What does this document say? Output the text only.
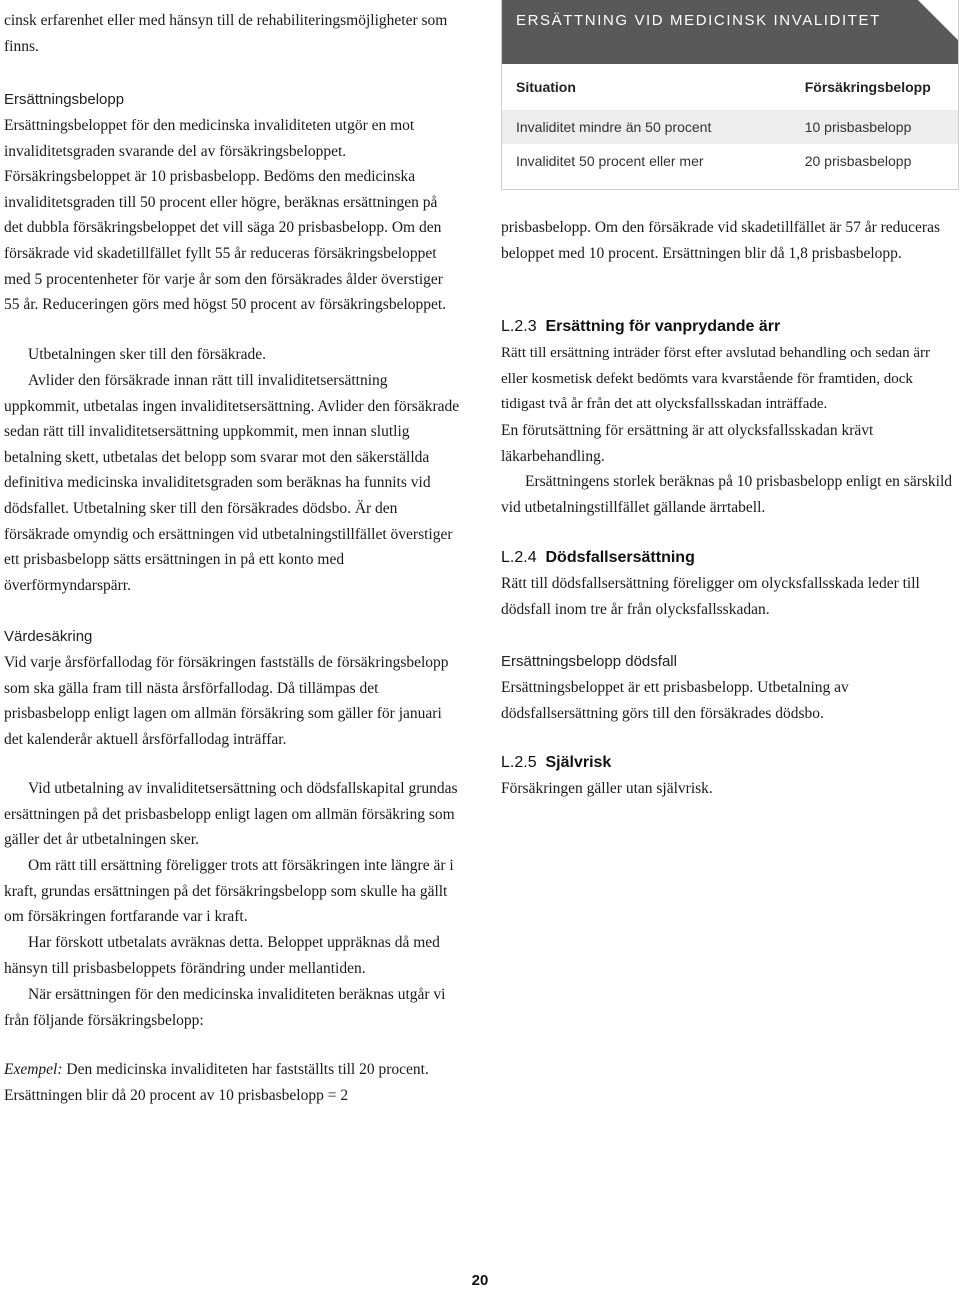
cinsk erfarenhet eller med hänsyn till de rehabiliteringsmöjligheter som finns.

Ersättningsbelopp

Ersättningsbeloppet för den medicinska invaliditeten utgör en mot invaliditetsgraden svarande del av försäkringsbeloppet. Försäkringsbeloppet är 10 prisbasbelopp. Bedöms den medicinska invaliditetsgraden till 50 procent eller högre, beräknas ersättningen på det dubbla försäkringsbeloppet det vill säga 20 prisbasbelopp. Om den försäkrade vid skadetillfället fyllt 55 år reduceras försäkringsbeloppet med 5 procentenheter för varje år som den försäkrades ålder överstiger 55 år. Reduceringen görs med högst 50 procent av försäkringsbeloppet.

Utbetalningen sker till den försäkrade.

Avlider den försäkrade innan rätt till invaliditetsersättning uppkommit, utbetalas ingen invaliditetsersättning. Avlider den försäkrade sedan rätt till invaliditetsersättning uppkommit, men innan slutlig betalning skett, utbetalas det belopp som svarar mot den säkerställda definitiva medicinska invaliditetsgraden som beräknas ha funnits vid dödsfallet. Utbetalning sker till den försäkrades dödsbo. Är den försäkrade omyndig och ersättningen vid utbetalningstillfället överstiger ett prisbasbelopp sätts ersättningen in på ett konto med överförmyndarspärr.

Värdesäkring

Vid varje årsförfallodag för försäkringen fastställs de försäkringsbelopp som ska gälla fram till nästa årsförfallodag. Då tillämpas det prisbasbelopp enligt lagen om allmän försäkring som gäller för januari det kalenderår aktuell årsförfallodag inträffar.

Vid utbetalning av invaliditetsersättning och dödsfallskapital grundas ersättningen på det prisbasbelopp enligt lagen om allmän försäkring som gäller det år utbetalningen sker.

Om rätt till ersättning föreligger trots att försäkringen inte längre är i kraft, grundas ersättningen på det försäkringsbelopp som skulle ha gällt om försäkringen fortfarande var i kraft.

Har förskott utbetalats avräknas detta. Beloppet uppräknas då med hänsyn till prisbasbeloppets förändring under mellantiden.

När ersättningen för den medicinska invaliditeten beräknas utgår vi från följande försäkringsbelopp:

Exempel: Den medicinska invaliditeten har fastställts till 20 procent. Ersättningen blir då 20 procent av 10 prisbasbelopp = 2

ERSÄTTNING VID MEDICINSK INVALIDITET
Situation	Försäkringsbelopp
Invaliditet mindre än 50 procent	10 prisbasbelopp
Invaliditet 50 procent eller mer	20 prisbasbelopp

prisbasbelopp. Om den försäkrade vid skadetillfället är 57 år reduceras beloppet med 10 procent. Ersättningen blir då 1,8 prisbasbelopp.

L.2.3 Ersättning för vanprydande ärr

Rätt till ersättning inträder först efter avslutad behandling och sedan ärr eller kosmetisk defekt bedömts vara kvarstående för framtiden, dock tidigast två år från det att olycksfallsskadan inträffade.

En förutsättning för ersättning är att olycksfallsskadan krävt läkarbehandling.

Ersättningens storlek beräknas på 10 prisbasbelopp enligt en särskild vid utbetalningstillfället gällande ärrtabell.

L.2.4 Dödsfallsersättning

Rätt till dödsfallsersättning föreligger om olycksfallsskada leder till dödsfall inom tre år från olycksfallsskadan.

Ersättningsbelopp dödsfall

Ersättningsbeloppet är ett prisbasbelopp. Utbetalning av dödsfallsersättning görs till den försäkrades dödsbo.

L.2.5 Självrisk

Försäkringen gäller utan självrisk.

20
